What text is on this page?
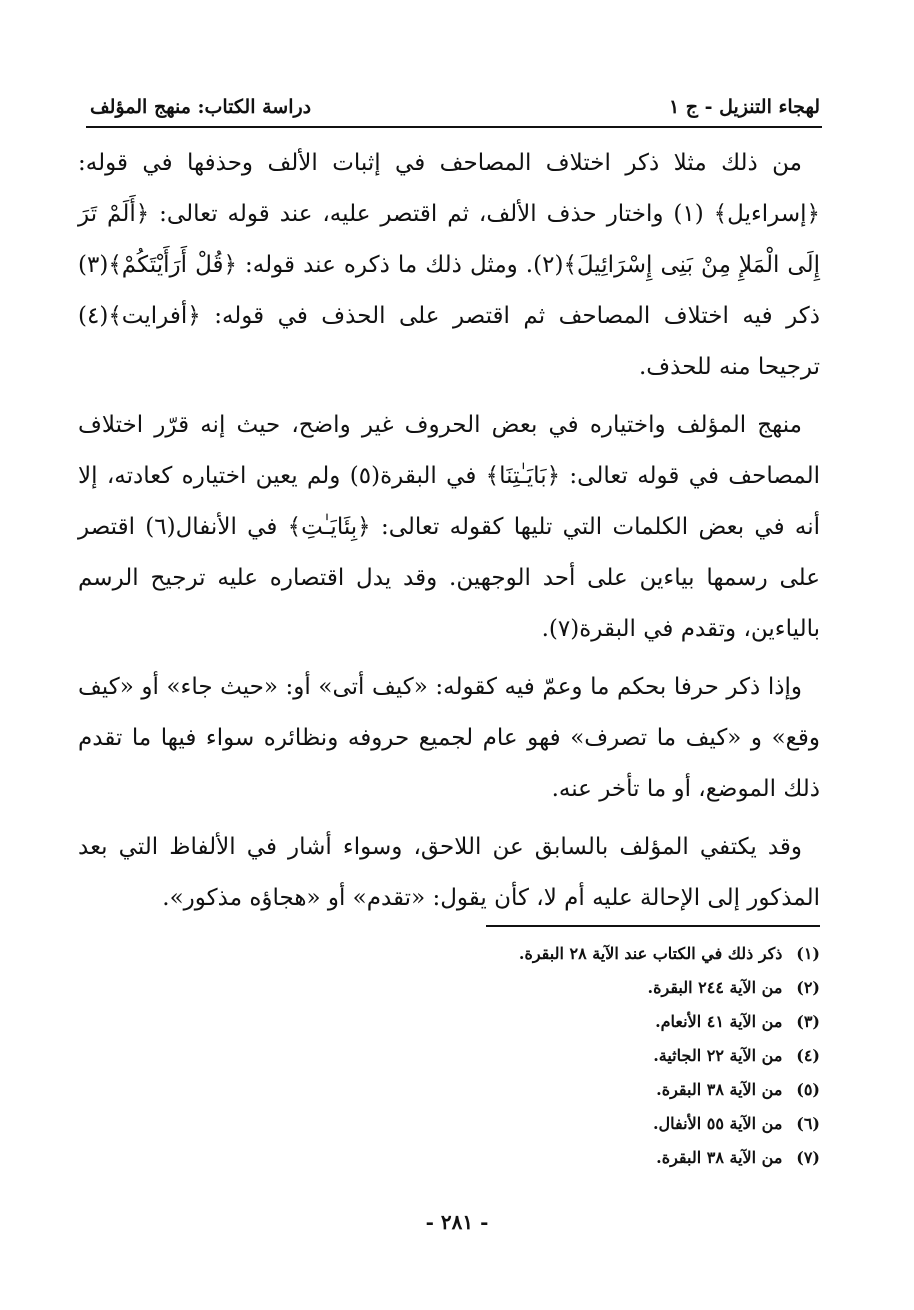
لهجاء التنزيل - ج ١
دراسة الكتاب: منهج المؤلف

من ذلك مثلا ذكر اختلاف المصاحف في إثبات الألف وحذفها في قوله: ﴿إسراءيل﴾ (١) واختار حذف الألف، ثم اقتصر عليه، عند قوله تعالى: ﴿أَلَمْ تَرَ إِلَى الْمَلإِ مِنْ بَنِى إِسْرَائِيلَ﴾(٢). ومثل ذلك ما ذكره عند قوله: ﴿قُلْ أَرَأَيْتَكُمْ﴾(٣) ذكر فيه اختلاف المصاحف ثم اقتصر على الحذف في قوله: ﴿أفرايت﴾(٤) ترجيحا منه للحذف.

منهج المؤلف واختياره في بعض الحروف غير واضح، حيث إنه قرّر اختلاف المصاحف في قوله تعالى: ﴿بَايَـٰتِنَا﴾ في البقرة(٥) ولم يعين اختياره كعادته، إلا أنه في بعض الكلمات التي تليها كقوله تعالى: ﴿بِئَايَـٰتِ﴾ في الأنفال(٦) اقتصر على رسمها بياءين على أحد الوجهين. وقد يدل اقتصاره عليه ترجيح الرسم بالياءين، وتقدم في البقرة(٧).

وإذا ذكر حرفا بحكم ما وعمّ فيه كقوله: «كيف أتى» أو: «حيث جاء» أو «كيف وقع» و «كيف ما تصرف» فهو عام لجميع حروفه ونظائره سواء فيها ما تقدم ذلك الموضع، أو ما تأخر عنه.

وقد يكتفي المؤلف بالسابق عن اللاحق، وسواء أشار في الألفاظ التي بعد المذكور إلى الإحالة عليه أم لا، كأن يقول: «تقدم» أو «هجاؤه مذكور».

(١) ذكر ذلك في الكتاب عند الآية ٢٨ البقرة.
(٢) من الآية ٢٤٤ البقرة.
(٣) من الآية ٤١ الأنعام.
(٤) من الآية ٢٢ الجاثية.
(٥) من الآية ٣٨ البقرة.
(٦) من الآية ٥٥ الأنفال.
(٧) من الآية ٣٨ البقرة.
- ٢٨١ -
